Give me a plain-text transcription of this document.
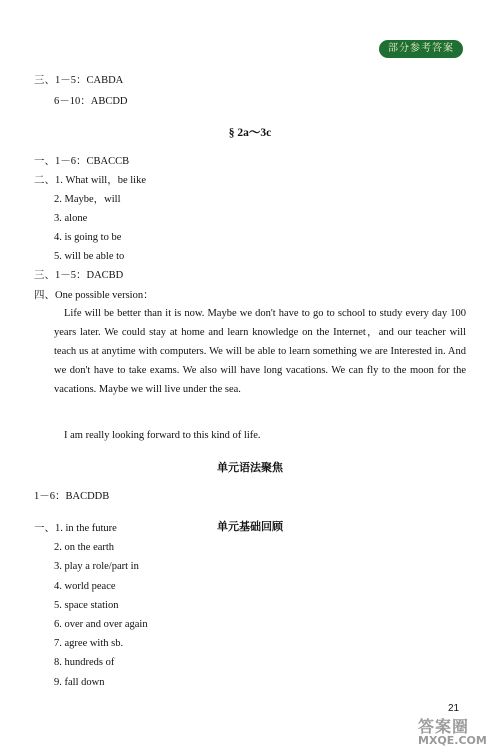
部分参考答案
三、1－5：CABDA
6－10：ABCDD
§ 2a～3c
一、1－6：CBACCB
二、1. What will，be like
2. Maybe，will
3. alone
4. is going to be
5. will be able to
三、1－5：DACBD
四、One possible version：

Life will be better than it is now. Maybe we don't have to go to school to study every day 100 years later. We could stay at home and learn knowledge on the Internet，and our teacher will teach us at anytime with computers. We will be able to learn something we are Interested in. And we don't have to take exams. We also will have long vacations. We can fly to the moon for the vacations. Maybe we will live under the sea.

I am really looking forward to this kind of life.
单元语法聚焦
1－6：BACDDB
单元基础回顾
一、1. in the future
2. on the earth
3. play a role/part in
4. world peace
5. space station
6. over and over again
7. agree with sb.
8. hundreds of
9. fall down
21
答案圈
MXQE.COM
